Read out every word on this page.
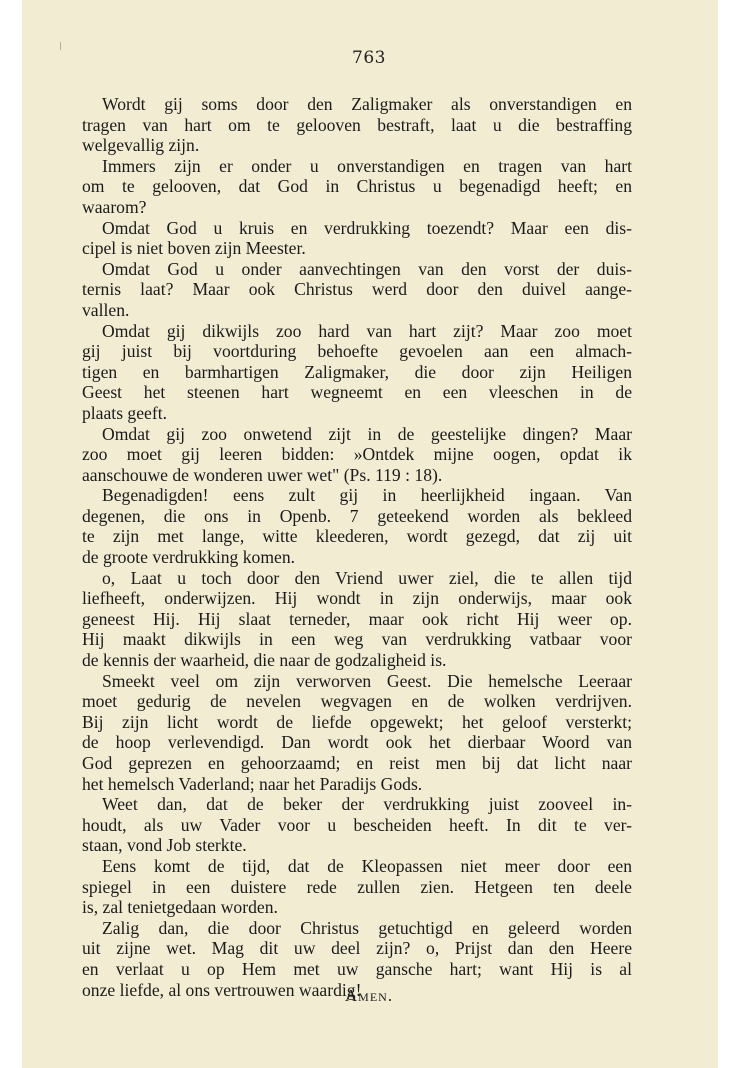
763
Wordt gij soms door den Zaligmaker als onverstandigen en
tragen van hart om te gelooven bestraft, laat u die bestraffing
welgevallig zijn.
Immers zijn er onder u onverstandigen en tragen van hart
om te gelooven, dat God in Christus u begenadigd heeft; en
waarom?
Omdat God u kruis en verdrukking toezendt? Maar een dis-
cipel is niet boven zijn Meester.
Omdat God u onder aanvechtingen van den vorst der duis-
ternis laat? Maar ook Christus werd door den duivel aange-
vallen.
Omdat gij dikwijls zoo hard van hart zijt? Maar zoo moet
gij juist bij voortduring behoefte gevoelen aan een almach-
tigen en barmhartigen Zaligmaker, die door zijn Heiligen
Geest het steenen hart wegneemt en een vleeschen in de
plaats geeft.
Omdat gij zoo onwetend zijt in de geestelijke dingen? Maar
zoo moet gij leeren bidden: »Ontdek mijne oogen, opdat ik
aanschouwe de wonderen uwer wet" (Ps. 119 : 18).
Begenadigden! eens zult gij in heerlijkheid ingaan. Van
degenen, die ons in Openb. 7 geteekend worden als bekleed
te zijn met lange, witte kleederen, wordt gezegd, dat zij uit
de groote verdrukking komen.
o, Laat u toch door den Vriend uwer ziel, die te allen tijd
liefheeft, onderwijzen. Hij wondt in zijn onderwijs, maar ook
geneest Hij. Hij slaat terneder, maar ook richt Hij weer op.
Hij maakt dikwijls in een weg van verdrukking vatbaar voor
de kennis der waarheid, die naar de godzaligheid is.
Smeekt veel om zijn verworven Geest. Die hemelsche Leeraar
moet gedurig de nevelen wegvagen en de wolken verdrijven.
Bij zijn licht wordt de liefde opgewekt; het geloof versterkt;
de hoop verlevendigd. Dan wordt ook het dierbaar Woord van
God geprezen en gehoorzaamd; en reist men bij dat licht naar
het hemelsch Vaderland; naar het Paradijs Gods.
Weet dan, dat de beker der verdrukking juist zooveel in-
houdt, als uw Vader voor u bescheiden heeft. In dit te ver-
staan, vond Job sterkte.
Eens komt de tijd, dat de Kleopassen niet meer door een
spiegel in een duistere rede zullen zien. Hetgeen ten deele
is, zal tenietgedaan worden.
Zalig dan, die door Christus getuchtigd en geleerd worden
uit zijne wet. Mag dit uw deel zijn? o, Prijst dan den Heere
en verlaat u op Hem met uw gansche hart; want Hij is al
onze liefde, al ons vertrouwen waardig!
Amen.
